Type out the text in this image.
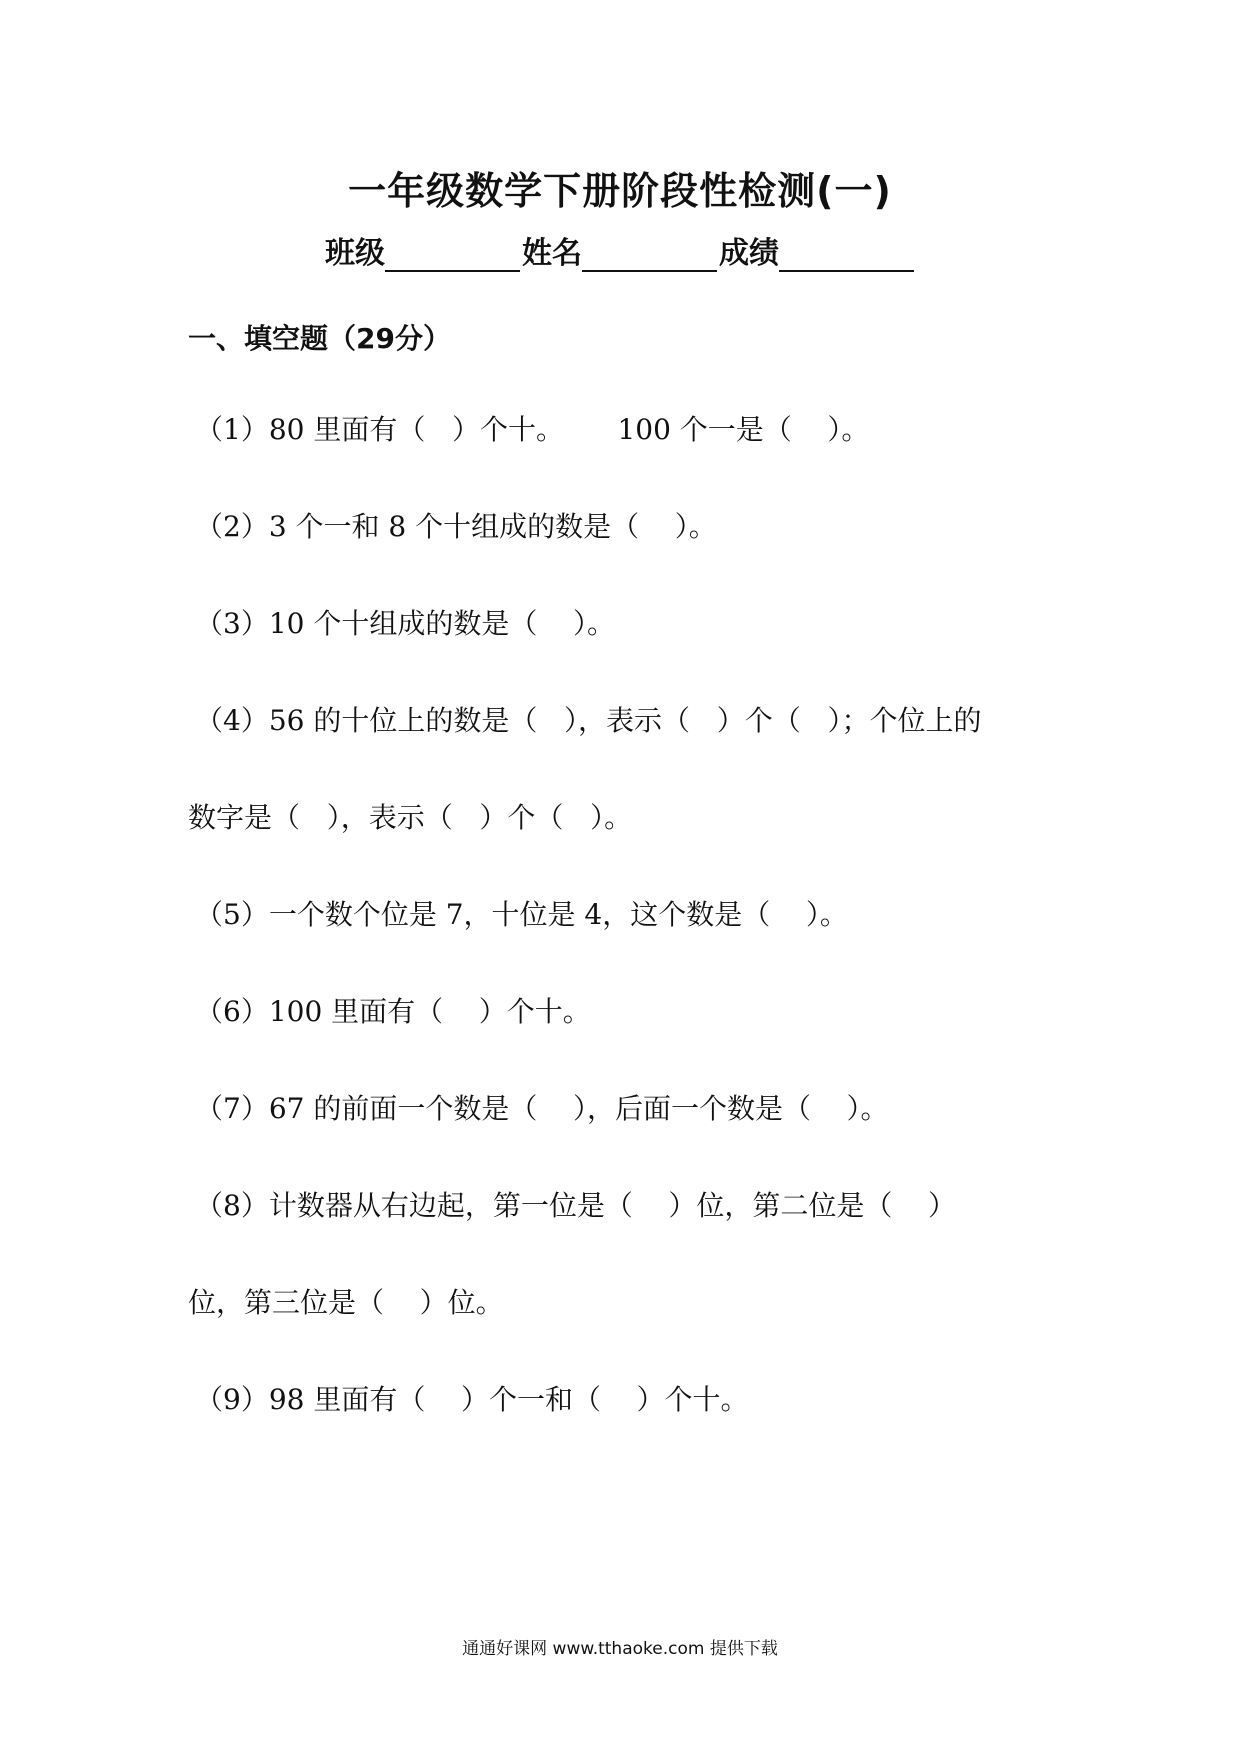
一年级数学下册阶段性检测(一)
班级	姓名	成绩
一、填空题（29分）
（1）80 里面有（   ）个十。      100 个一是（    ）。
（2）3 个一和 8 个十组成的数是（    ）。
（3）10 个十组成的数是（    ）。
（4）56 的十位上的数是（   ），表示（   ）个（   ）；个位上的
数字是（   ），表示（   ）个（   ）。
（5）一个数个位是 7，十位是 4，这个数是（    ）。
（6）100 里面有（    ）个十。
（7）67 的前面一个数是（    ），后面一个数是（    ）。
（8）计数器从右边起，第一位是（    ）位，第二位是（    ）
位，第三位是（    ）位。
（9）98 里面有（    ）个一和（    ）个十。
通通好课网 www.tthaoke.com 提供下载
